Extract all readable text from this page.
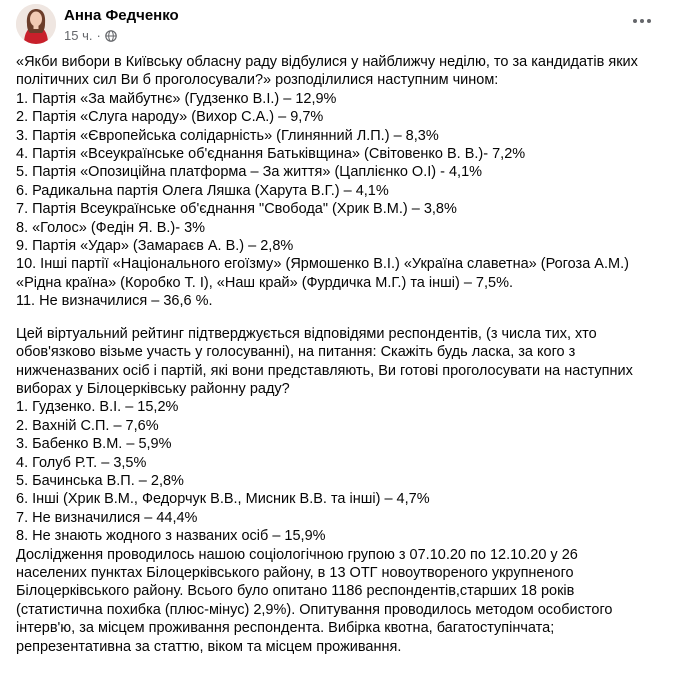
Анна Федченко
15 ч. ·

«Якби вибори в Київську обласну раду відбулися у найближчу неділю, то за кандидатів яких

політичних сил Ви б проголосували?» розподілилися наступним чином:

1. Партія «За майбутнє» (Гудзенко В.І.) – 12,9%

2. Партія «Слуга народу» (Вихор С.А.) – 9,7%

3. Партія «Європейська солідарність» (Глинянний Л.П.) – 8,3%

4. Партія «Всеукраїнське об'єднання Батьківщина» (Світовенко В. В.)- 7,2%

5. Партія «Опозиційна платформа – За життя» (Цаплієнко О.І) - 4,1%

6. Радикальна партія Олега Ляшка (Харута В.Г.) – 4,1%

7. Партія Всеукраїнське об'єднання "Свобода" (Хрик В.М.) – 3,8%

8. «Голос» (Федін Я. В.)- 3%

9. Партія «Удар» (Замараєв А. В.) – 2,8%

10. Інші партії «Національного егоїзму» (Ярмошенко В.І.) «Україна славетна» (Рогоза А.М.)

«Рідна країна» (Коробко Т. І), «Наш край» (Фурдичка М.Г.) та інші) – 7,5%.

11. Не визначилися – 36,6 %.

Цей віртуальний рейтинг підтверджується відповідями респондентів, (з числа тих, хто

обов'язково візьме участь у голосуванні), на питання: Скажіть будь ласка, за кого з

нижченазваних осіб і партій, які вони представляють, Ви готові проголосувати на наступних

виборах у Білоцерківську районну раду?

1. Гудзенко. В.І. – 15,2%

2. Вахній С.П. – 7,6%

3. Бабенко В.М. – 5,9%

4. Голуб Р.Т. – 3,5%

5. Бачинська В.П. – 2,8%

6. Інші (Хрик В.М., Федорчук В.В., Мисник В.В. та інші) – 4,7%

7. Не визначилися – 44,4%

8. Не знають жодного з названих осіб – 15,9%

Дослідження проводилось нашою соціологічною групою з 07.10.20 по 12.10.20 у 26

населених пунктах Білоцерківського району, в 13 ОТГ новоутвореного укрупненого

Білоцерківського району. Всього було опитано 1186 респондентів,старших 18 років

(статистична похибка (плюс-мінус) 2,9%). Опитування проводилось методом особистого

інтерв'ю, за місцем проживання респондента. Вибірка квотна, багатоступінчата;

репрезентативна за статтю, віком та місцем проживання.
